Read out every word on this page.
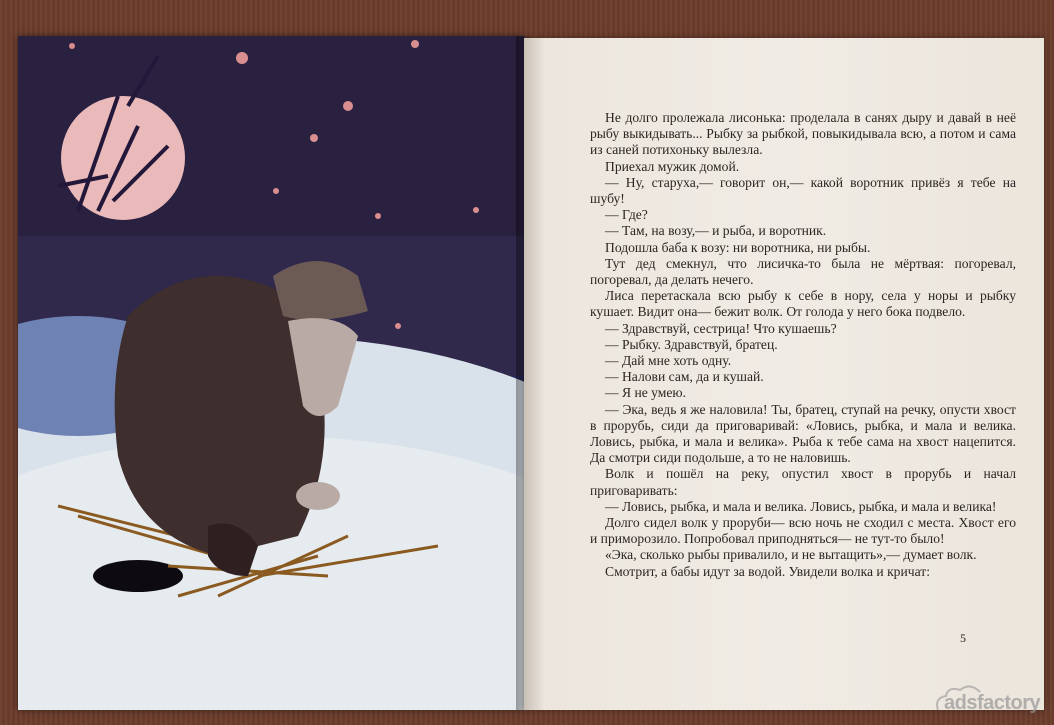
Не долго пролежала лисонька: проделала в санях дыру и давай в неё рыбу выкидывать... Рыбку за рыбкой, повыкидывала всю, а потом и сама из саней потихоньку вылезла.

Приехал мужик домой.

— Ну, старуха,— говорит он,— какой воротник привёз я тебе на шубу!

— Где?

— Там, на возу,— и рыба, и воротник.

Подошла баба к возу: ни воротника, ни рыбы.

Тут дед смекнул, что лисичка-то была не мёртвая: погоревал, погоревал, да делать нечего.

Лиса перетаскала всю рыбу к себе в нору, села у норы и рыбку кушает. Видит она— бежит волк. От голода у него бока подвело.

— Здравствуй, сестрица! Что кушаешь?

— Рыбку. Здравствуй, братец.

— Дай мне хоть одну.

— Налови сам, да и кушай.

— Я не умею.

— Эка, ведь я же наловила! Ты, братец, ступай на речку, опусти хвост в прорубь, сиди да приговаривай: «Ловись, рыбка, и мала и велика. Ловись, рыбка, и мала и велика». Рыба к тебе сама на хвост нацепится. Да смотри сиди подольше, а то не наловишь.

Волк и пошёл на реку, опустил хвост в прорубь и начал приговаривать:

— Ловись, рыбка, и мала и велика. Ловись, рыбка, и мала и велика!

Долго сидел волк у проруби— всю ночь не сходил с места. Хвост его и приморозило. Попробовал приподняться— не тут-то было!

«Эка, сколько рыбы привалило, и не вытащить»,— думает волк.

Смотрит, а бабы идут за водой. Увидели волка и кричат:

5
adsfactory
